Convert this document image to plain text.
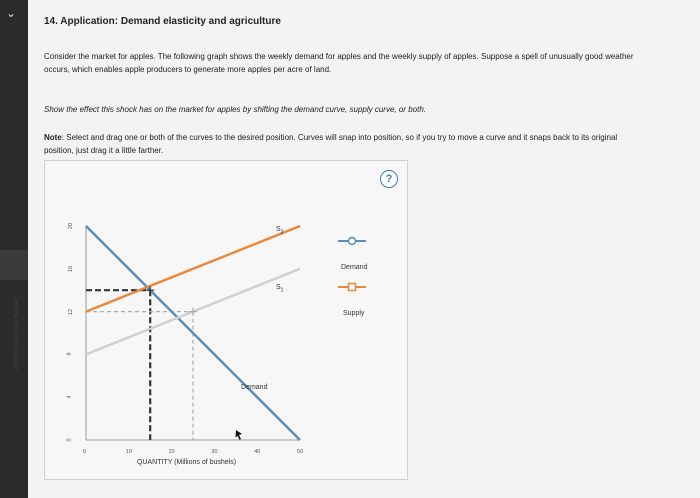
⌄
14. Application: Demand elasticity and agriculture
Consider the market for apples. The following graph shows the weekly demand for apples and the weekly supply of apples. Suppose a spell of unusually good weather occurs, which enables apple producers to generate more apples per acre of land.
Show the effect this shock has on the market for apples by shifting the demand curve, supply curve, or both.
Note: Select and drag one or both of the curves to the desired position. Curves will snap into position, so if you try to move a curve and it snaps back to its original position, just drag it a little farther.
?
PRICE (Dollars per bushel)
QUANTITY (Millions of bushels)
0	10	20	30	40	50
0
4
8
12
16
20	$S_2$
$S_1$
Demand
Demand
Supply
